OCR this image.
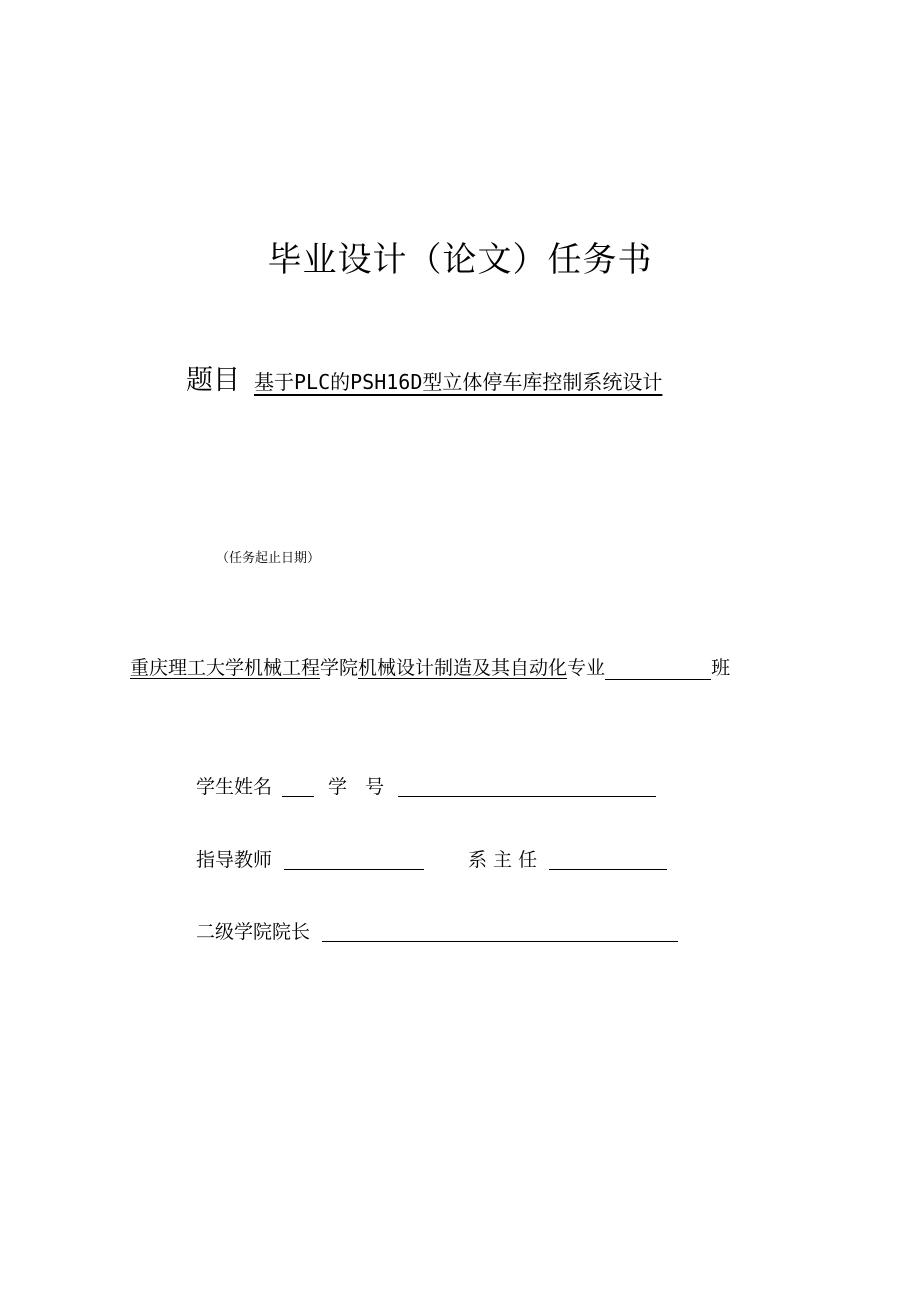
毕业设计（论文）任务书
题目 基于PLC的PSH16D型立体停车库控制系统设计
（任务起止日期）
重庆理工大学机械工程学院机械设计制造及其自动化专业	班
学生姓名	学   号
指导教师	系 主 任
二级学院院长
